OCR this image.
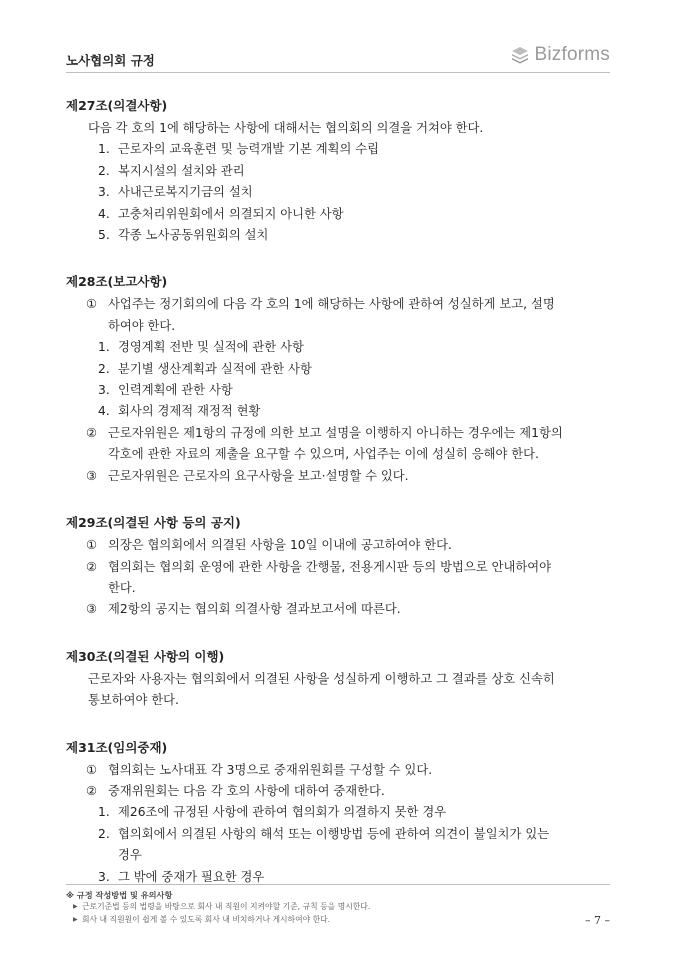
노사협의회 규정	Bizforms
제27조(의결사항)
다음 각 호의 1에 해당하는 사항에 대해서는 협의회의 의결을 거쳐야 한다.
1. 근로자의 교육훈련 및 능력개발 기본 계획의 수립
2. 복지시설의 설치와 관리
3. 사내근로복지기금의 설치
4. 고충처리위원회에서 의결되지 아니한 사항
5. 각종 노사공동위원회의 설치
제28조(보고사항)
① 사업주는 정기회의에 다음 각 호의 1에 해당하는 사항에 관하여 성실하게 보고, 설명
하여야 한다.
1. 경영계획 전반 및 실적에 관한 사항
2. 분기별 생산계획과 실적에 관한 사항
3. 인력계획에 관한 사항
4. 회사의 경제적 재정적 현황
② 근로자위원은 제1항의 규정에 의한 보고 설명을 이행하지 아니하는 경우에는 제1항의
각호에 관한 자료의 제출을 요구할 수 있으며, 사업주는 이에 성실히 응해야 한다.
③ 근로자위원은 근로자의 요구사항을 보고·설명할 수 있다.
제29조(의결된 사항 등의 공지)
① 의장은 협의회에서 의결된 사항을 10일 이내에 공고하여야 한다.
② 협의회는 협의회 운영에 관한 사항을 간행물, 전용게시판 등의 방법으로 안내하여야
한다.
③ 제2항의 공지는 협의회 의결사항 결과보고서에 따른다.
제30조(의결된 사항의 이행)
근로자와 사용자는 협의회에서 의결된 사항을 성실하게 이행하고 그 결과를 상호 신속히
통보하여야 한다.
제31조(임의중재)
① 협의회는 노사대표 각 3명으로 중재위원회를 구성할 수 있다.
② 중재위원회는 다음 각 호의 사항에 대하여 중재한다.
1. 제26조에 규정된 사항에 관하여 협의회가 의결하지 못한 경우
2. 협의회에서 의결된 사항의 해석 또는 이행방법 등에 관하여 의견이 불일치가 있는
경우
3. 그 밖에 중재가 필요한 경우
※ 규정 작성방법 및 유의사항
▶ 근로기준법 등의 법령을 바탕으로 회사 내 직원이 지켜야할 기준, 규칙 등을 명시한다.
▶ 회사 내 직원원이 쉽게 볼 수 있도록 회사 내 비치하거나 게시하여야 한다.	– 7 –
